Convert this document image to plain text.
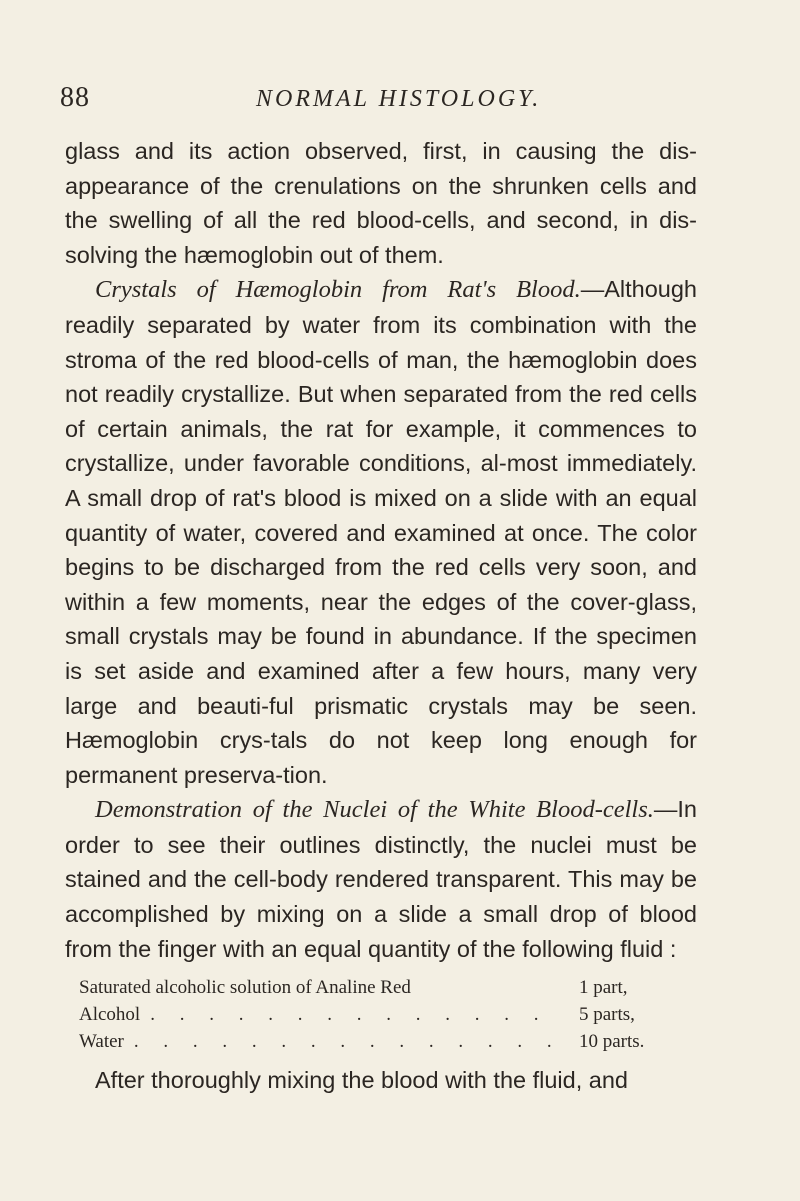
88	NORMAL HISTOLOGY.

glass and its action observed, first, in causing the dis-appearance of the crenulations on the shrunken cells and the swelling of all the red blood-cells, and second, in dis-solving the hæmoglobin out of them.

Crystals of Hæmoglobin from Rat's Blood.—Although readily separated by water from its combination with the stroma of the red blood-cells of man, the hæmoglobin does not readily crystallize. But when separated from the red cells of certain animals, the rat for example, it commences to crystallize, under favorable conditions, al-most immediately. A small drop of rat's blood is mixed on a slide with an equal quantity of water, covered and examined at once. The color begins to be discharged from the red cells very soon, and within a few moments, near the edges of the cover-glass, small crystals may be found in abundance. If the specimen is set aside and examined after a few hours, many very large and beauti-ful prismatic crystals may be seen. Hæmoglobin crys-tals do not keep long enough for permanent preserva-tion.

Demonstration of the Nuclei of the White Blood-cells.—In order to see their outlines distinctly, the nuclei must be stained and the cell-body rendered transparent. This may be accomplished by mixing on a slide a small drop of blood from the finger with an equal quantity of the following fluid :

Saturated alcoholic solution of Analine Red	1 part,
Alcohol . . .	5 parts,
Water . . .	10 parts.

After thoroughly mixing the blood with the fluid, and
